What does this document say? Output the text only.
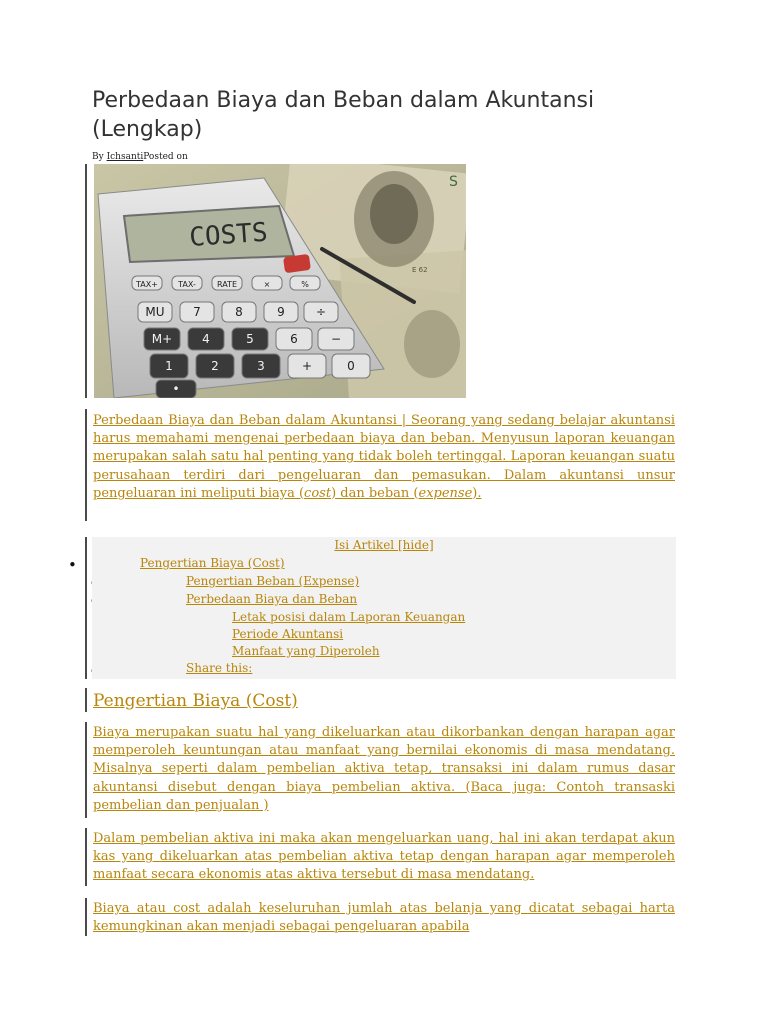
Perbedaan Biaya dan Beban dalam Akuntansi (Lengkap)
By IchsantiPosted on
S
E 62
COSTS
TAX+	TAX-	RATE	×	%
MU 7	8	9	÷
M+ 4	5	6	−
1	2	3	+	0
•

Perbedaan Biaya dan Beban dalam Akuntansi | Seorang yang sedang belajar akuntansi harus memahami mengenai perbedaan biaya dan beban. Menyusun laporan keuangan merupakan salah satu hal penting yang tidak boleh tertinggal. Laporan keuangan suatu perusahaan terdiri dari pengeluaran dan pemasukan. Dalam akuntansi unsur pengeluaran ini meliputi biaya (cost) dan beban (expense).

•
Isi Artikel [hide]
Pengertian Biaya (Cost)
Pengertian Beban (Expense)
Perbedaan Biaya dan Beban
Letak posisi dalam Laporan Keuangan
Periode Akuntansi
Manfaat yang Diperoleh
Share this:
Pengertian Biaya (Cost)

Biaya merupakan suatu hal yang dikeluarkan atau dikorbankan dengan harapan agar memperoleh keuntungan atau manfaat yang bernilai ekonomis di masa mendatang. Misalnya seperti dalam pembelian aktiva tetap, transaksi ini dalam rumus dasar akuntansi disebut dengan biaya pembelian aktiva. (Baca juga: Contoh transaski pembelian dan penjualan )

Dalam pembelian aktiva ini maka akan mengeluarkan uang, hal ini akan terdapat akun kas yang dikeluarkan atas pembelian aktiva tetap dengan harapan agar memperoleh manfaat secara ekonomis atas aktiva tersebut di masa mendatang.

Biaya atau cost adalah keseluruhan jumlah atas belanja yang dicatat sebagai harta kemungkinan akan menjadi sebagai pengeluaran apabila
